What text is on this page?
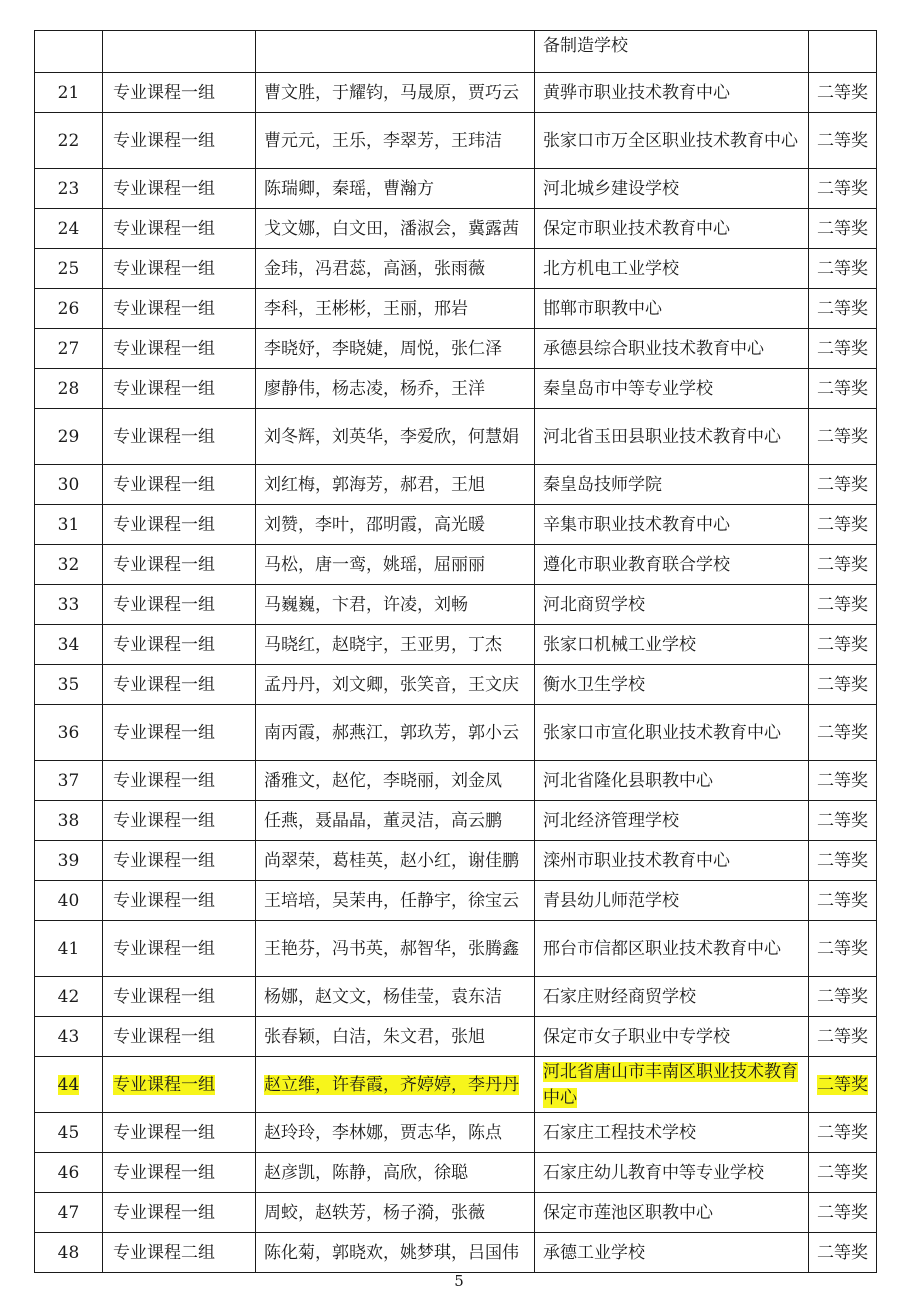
			备制造学校	
21	专业课程一组	曹文胜，于耀钧，马晟原，贾巧云	黄骅市职业技术教育中心	二等奖
22	专业课程一组	曹元元，王乐，李翠芳，王玮洁	张家口市万全区职业技术教育中心	二等奖
23	专业课程一组	陈瑞卿，秦瑶，曹瀚方	河北城乡建设学校	二等奖
24	专业课程一组	戈文娜，白文田，潘淑会，冀露茜	保定市职业技术教育中心	二等奖
25	专业课程一组	金玮，冯君蕊，高涵，张雨薇	北方机电工业学校	二等奖
26	专业课程一组	李科，王彬彬，王丽，邢岩	邯郸市职教中心	二等奖
27	专业课程一组	李晓妤，李晓婕，周悦，张仁泽	承德县综合职业技术教育中心	二等奖
28	专业课程一组	廖静伟，杨志凌，杨乔，王洋	秦皇岛市中等专业学校	二等奖
29	专业课程一组	刘冬辉，刘英华，李爱欣，何慧娟	河北省玉田县职业技术教育中心	二等奖
30	专业课程一组	刘红梅，郭海芳，郝君，王旭	秦皇岛技师学院	二等奖
31	专业课程一组	刘赞，李叶，邵明霞，高光暖	辛集市职业技术教育中心	二等奖
32	专业课程一组	马松，唐一鸾，姚瑶，屈丽丽	遵化市职业教育联合学校	二等奖
33	专业课程一组	马巍巍，卞君，许凌，刘畅	河北商贸学校	二等奖
34	专业课程一组	马晓红，赵晓宇，王亚男，丁杰	张家口机械工业学校	二等奖
35	专业课程一组	孟丹丹，刘文卿，张笑音，王文庆	衡水卫生学校	二等奖
36	专业课程一组	南丙霞，郝燕江，郭玖芳，郭小云	张家口市宣化职业技术教育中心	二等奖
37	专业课程一组	潘雅文，赵佗，李晓丽，刘金凤	河北省隆化县职教中心	二等奖
38	专业课程一组	任燕，聂晶晶，董灵洁，高云鹏	河北经济管理学校	二等奖
39	专业课程一组	尚翠荣，葛桂英，赵小红，谢佳鹏	滦州市职业技术教育中心	二等奖
40	专业课程一组	王培培，吴茉冉，任静宇，徐宝云	青县幼儿师范学校	二等奖
41	专业课程一组	王艳芬，冯书英，郝智华，张腾鑫	邢台市信都区职业技术教育中心	二等奖
42	专业课程一组	杨娜，赵文文，杨佳莹，袁东洁	石家庄财经商贸学校	二等奖
43	专业课程一组	张春颖，白洁，朱文君，张旭	保定市女子职业中专学校	二等奖
44	专业课程一组	赵立维，许春霞，齐婷婷，李丹丹	河北省唐山市丰南区职业技术教育中心	二等奖
45	专业课程一组	赵玲玲，李林娜，贾志华，陈点	石家庄工程技术学校	二等奖
46	专业课程一组	赵彦凯，陈静，高欣，徐聪	石家庄幼儿教育中等专业学校	二等奖
47	专业课程一组	周蛟，赵轶芳，杨子漪，张薇	保定市莲池区职教中心	二等奖
48	专业课程二组	陈化菊，郭晓欢，姚梦琪，吕国伟	承德工业学校	二等奖
5
